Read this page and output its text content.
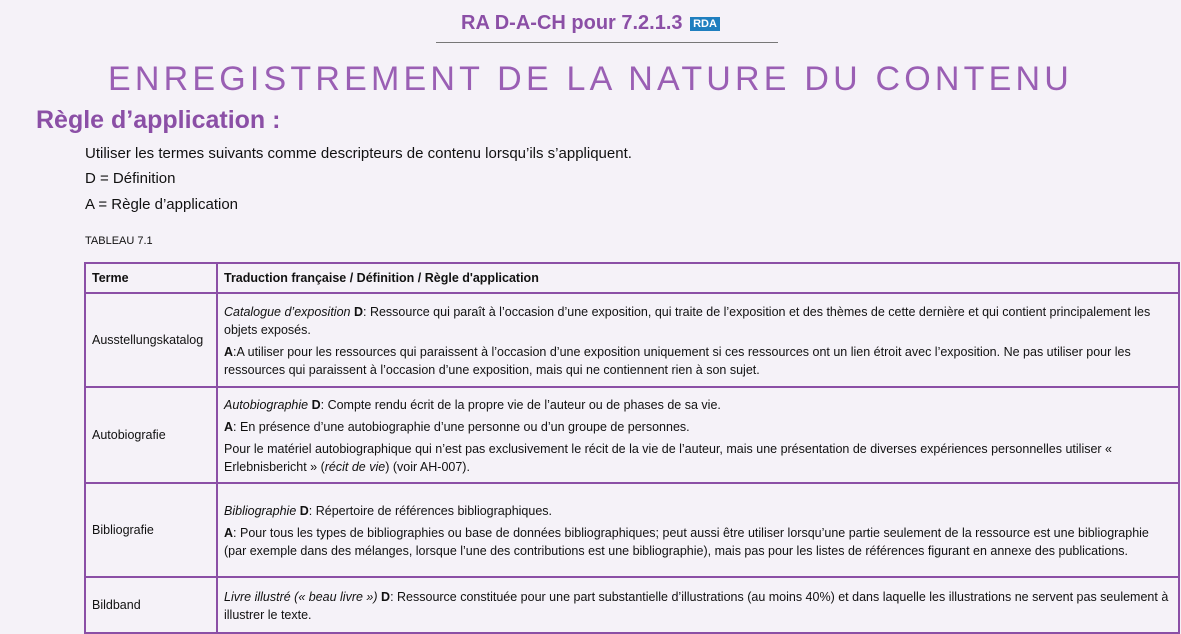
RA D-A-CH pour 7.2.1.3 RDA
ENREGISTREMENT DE LA NATURE DU CONTENU
Règle d’application :
Utiliser les termes suivants comme descripteurs de contenu lorsqu’ils s’appliquent.
D = Définition
A = Règle d’application
TABLEAU 7.1
Terme	Traduction française / Définition / Règle d'application
Ausstellungskatalog	Catalogue d’exposition D: Ressource qui paraît à l’occasion d’une exposition, qui traite de l’exposition et des thèmes de cette dernière et qui contient principalement les objets exposés.

A:A utiliser pour les ressources qui paraissent à l’occasion d’une exposition uniquement si ces ressources ont un lien étroit avec l’exposition. Ne pas utiliser pour les ressources qui paraissent à l’occasion d’une exposition, mais qui ne contiennent rien à son sujet.

Autobiografie	Autobiographie D: Compte rendu écrit de la propre vie de l’auteur ou de phases de sa vie.

A: En présence d’une autobiographie d’une personne ou d’un groupe de personnes.

Pour le matériel autobiographique qui n’est pas exclusivement le récit de la vie de l’auteur, mais une présentation de diverses expériences personnelles utiliser « Erlebnisbericht » (récit de vie) (voir AH-007).

Bibliografie	Bibliographie D: Répertoire de références bibliographiques.

A: Pour tous les types de bibliographies ou base de données bibliographiques; peut aussi être utiliser lorsqu’une partie seulement de la ressource est une bibliographie (par exemple dans des mélanges, lorsque l’une des contributions est une bibliographie), mais pas pour les listes de références figurant en annexe des publications.

Bildband	Livre illustré (« beau livre ») D: Ressource constituée pour une part substantielle d’illustrations (au moins 40%) et dans laquelle les illustrations ne servent pas seulement à illustrer le texte.
